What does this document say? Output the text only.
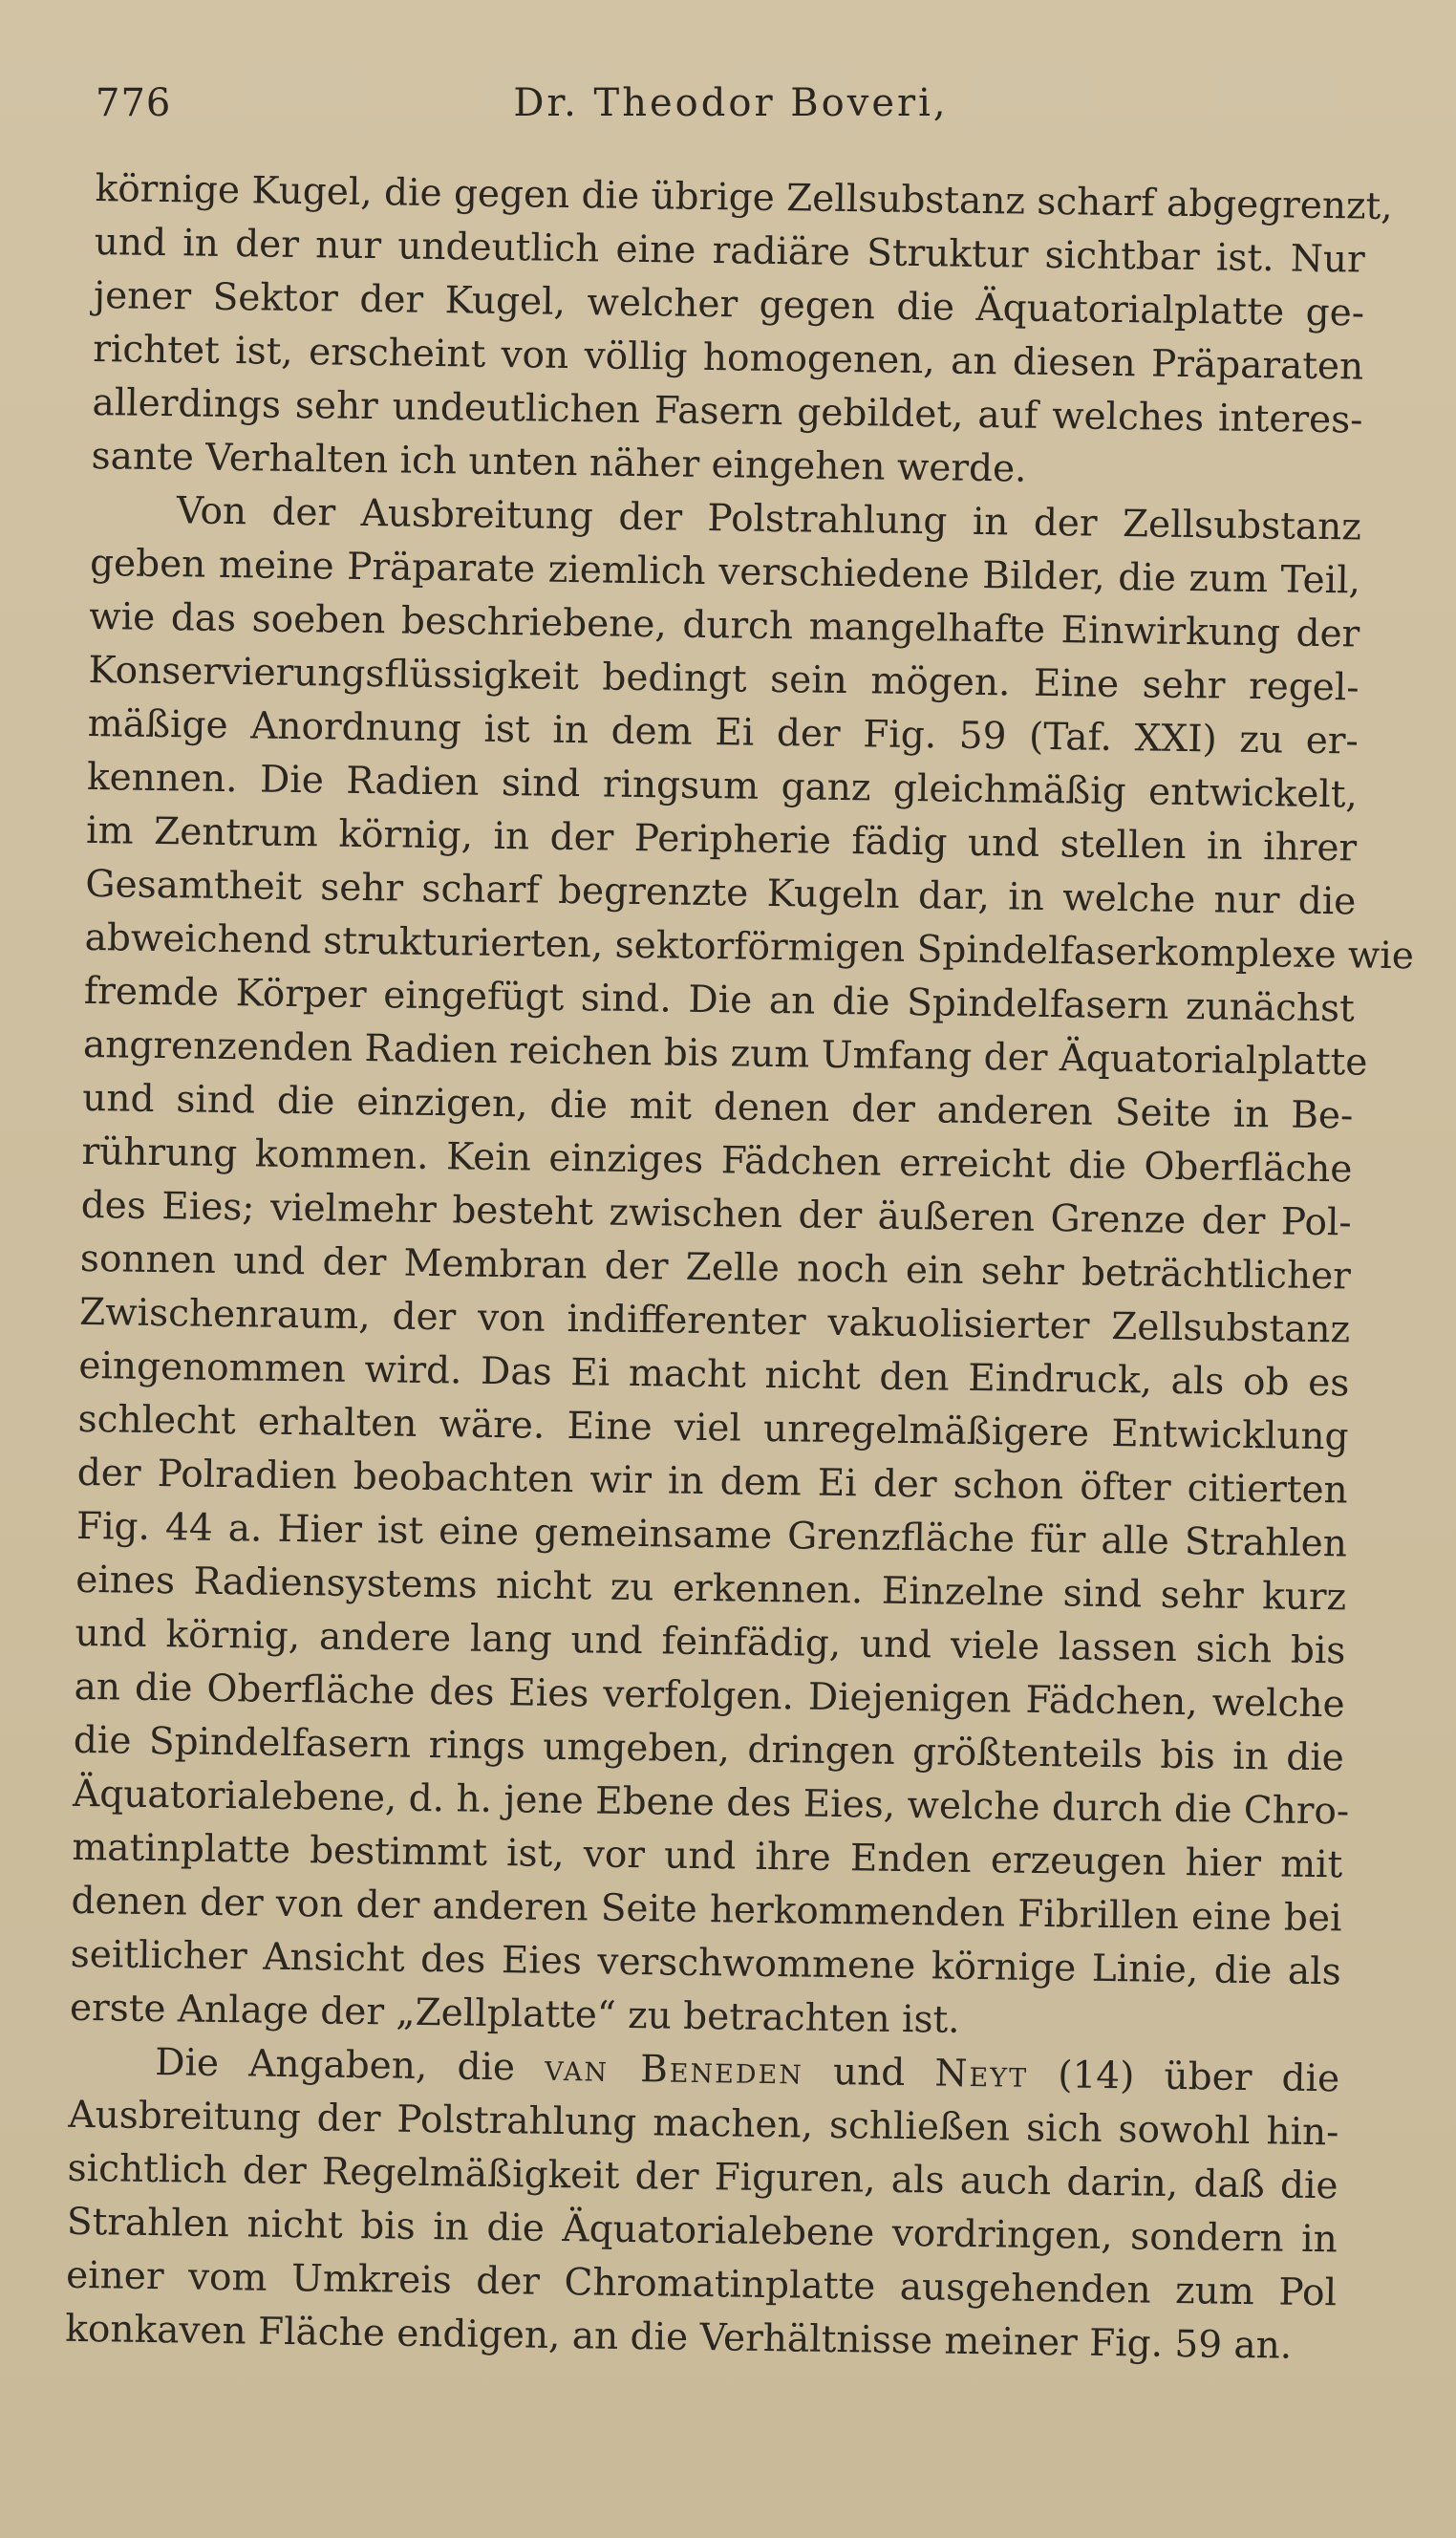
776	Dr. Theodor Boveri,
körnige Kugel, die gegen die übrige Zellsubstanz scharf abgegrenzt,
und in der nur undeutlich eine radiäre Struktur sichtbar ist. Nur
jener Sektor der Kugel, welcher gegen die Äquatorialplatte ge-
richtet ist, erscheint von völlig homogenen, an diesen Präparaten
allerdings sehr undeutlichen Fasern gebildet, auf welches interes-
sante Verhalten ich unten näher eingehen werde.
Von der Ausbreitung der Polstrahlung in der Zellsubstanz
geben meine Präparate ziemlich verschiedene Bilder, die zum Teil,
wie das soeben beschriebene, durch mangelhafte Einwirkung der
Konservierungsflüssigkeit bedingt sein mögen. Eine sehr regel-
mäßige Anordnung ist in dem Ei der Fig. 59 (Taf. XXI) zu er-
kennen. Die Radien sind ringsum ganz gleichmäßig entwickelt,
im Zentrum körnig, in der Peripherie fädig und stellen in ihrer
Gesamtheit sehr scharf begrenzte Kugeln dar, in welche nur die
abweichend strukturierten, sektorförmigen Spindelfaserkomplexe wie
fremde Körper eingefügt sind. Die an die Spindelfasern zunächst
angrenzenden Radien reichen bis zum Umfang der Äquatorialplatte
und sind die einzigen, die mit denen der anderen Seite in Be-
rührung kommen. Kein einziges Fädchen erreicht die Oberfläche
des Eies; vielmehr besteht zwischen der äußeren Grenze der Pol-
sonnen und der Membran der Zelle noch ein sehr beträchtlicher
Zwischenraum, der von indifferenter vakuolisierter Zellsubstanz
eingenommen wird. Das Ei macht nicht den Eindruck, als ob es
schlecht erhalten wäre. Eine viel unregelmäßigere Entwicklung
der Polradien beobachten wir in dem Ei der schon öfter citierten
Fig. 44 a. Hier ist eine gemeinsame Grenzfläche für alle Strahlen
eines Radiensystems nicht zu erkennen. Einzelne sind sehr kurz
und körnig, andere lang und feinfädig, und viele lassen sich bis
an die Oberfläche des Eies verfolgen. Diejenigen Fädchen, welche
die Spindelfasern rings umgeben, dringen größtenteils bis in die
Äquatorialebene, d. h. jene Ebene des Eies, welche durch die Chro-
matinplatte bestimmt ist, vor und ihre Enden erzeugen hier mit
denen der von der anderen Seite herkommenden Fibrillen eine bei
seitlicher Ansicht des Eies verschwommene körnige Linie, die als
erste Anlage der „Zellplatte“ zu betrachten ist.
Die Angaben, die van Beneden und Neyt (14) über die
Ausbreitung der Polstrahlung machen, schließen sich sowohl hin-
sichtlich der Regelmäßigkeit der Figuren, als auch darin, daß die
Strahlen nicht bis in die Äquatorialebene vordringen, sondern in
einer vom Umkreis der Chromatinplatte ausgehenden zum Pol
konkaven Fläche endigen, an die Verhältnisse meiner Fig. 59 an.
